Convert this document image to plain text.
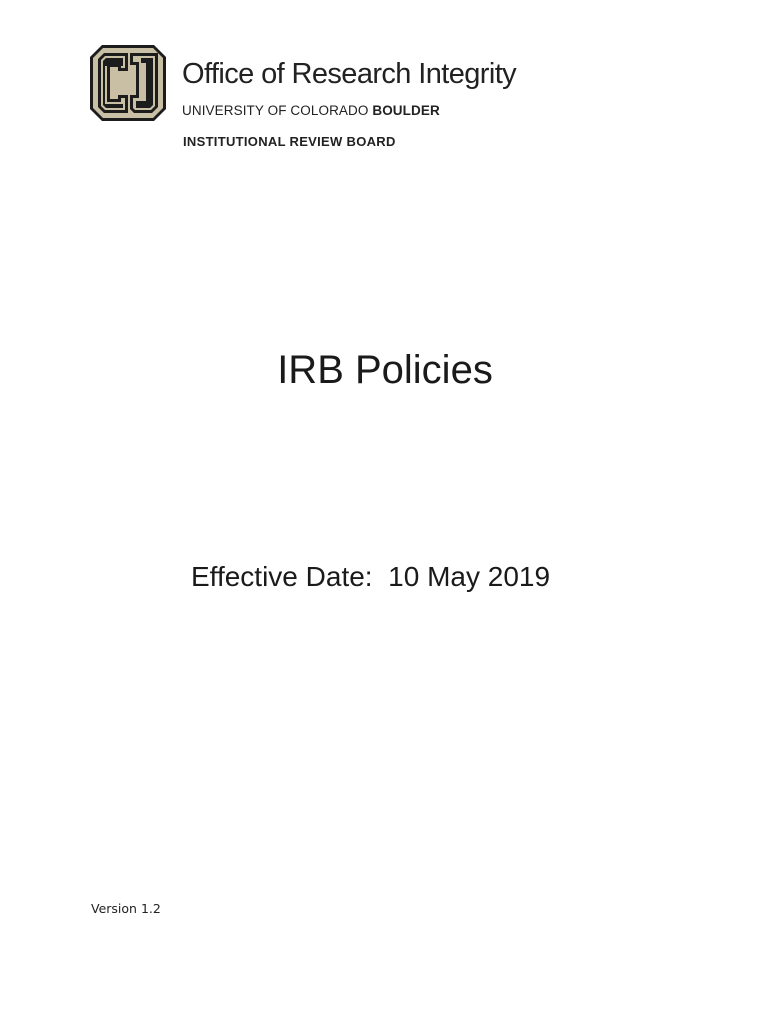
Office of Research Integrity
UNIVERSITY OF COLORADO BOULDER
INSTITUTIONAL REVIEW BOARD
IRB Policies
Effective Date: 10 May 2019
Version 1.2
